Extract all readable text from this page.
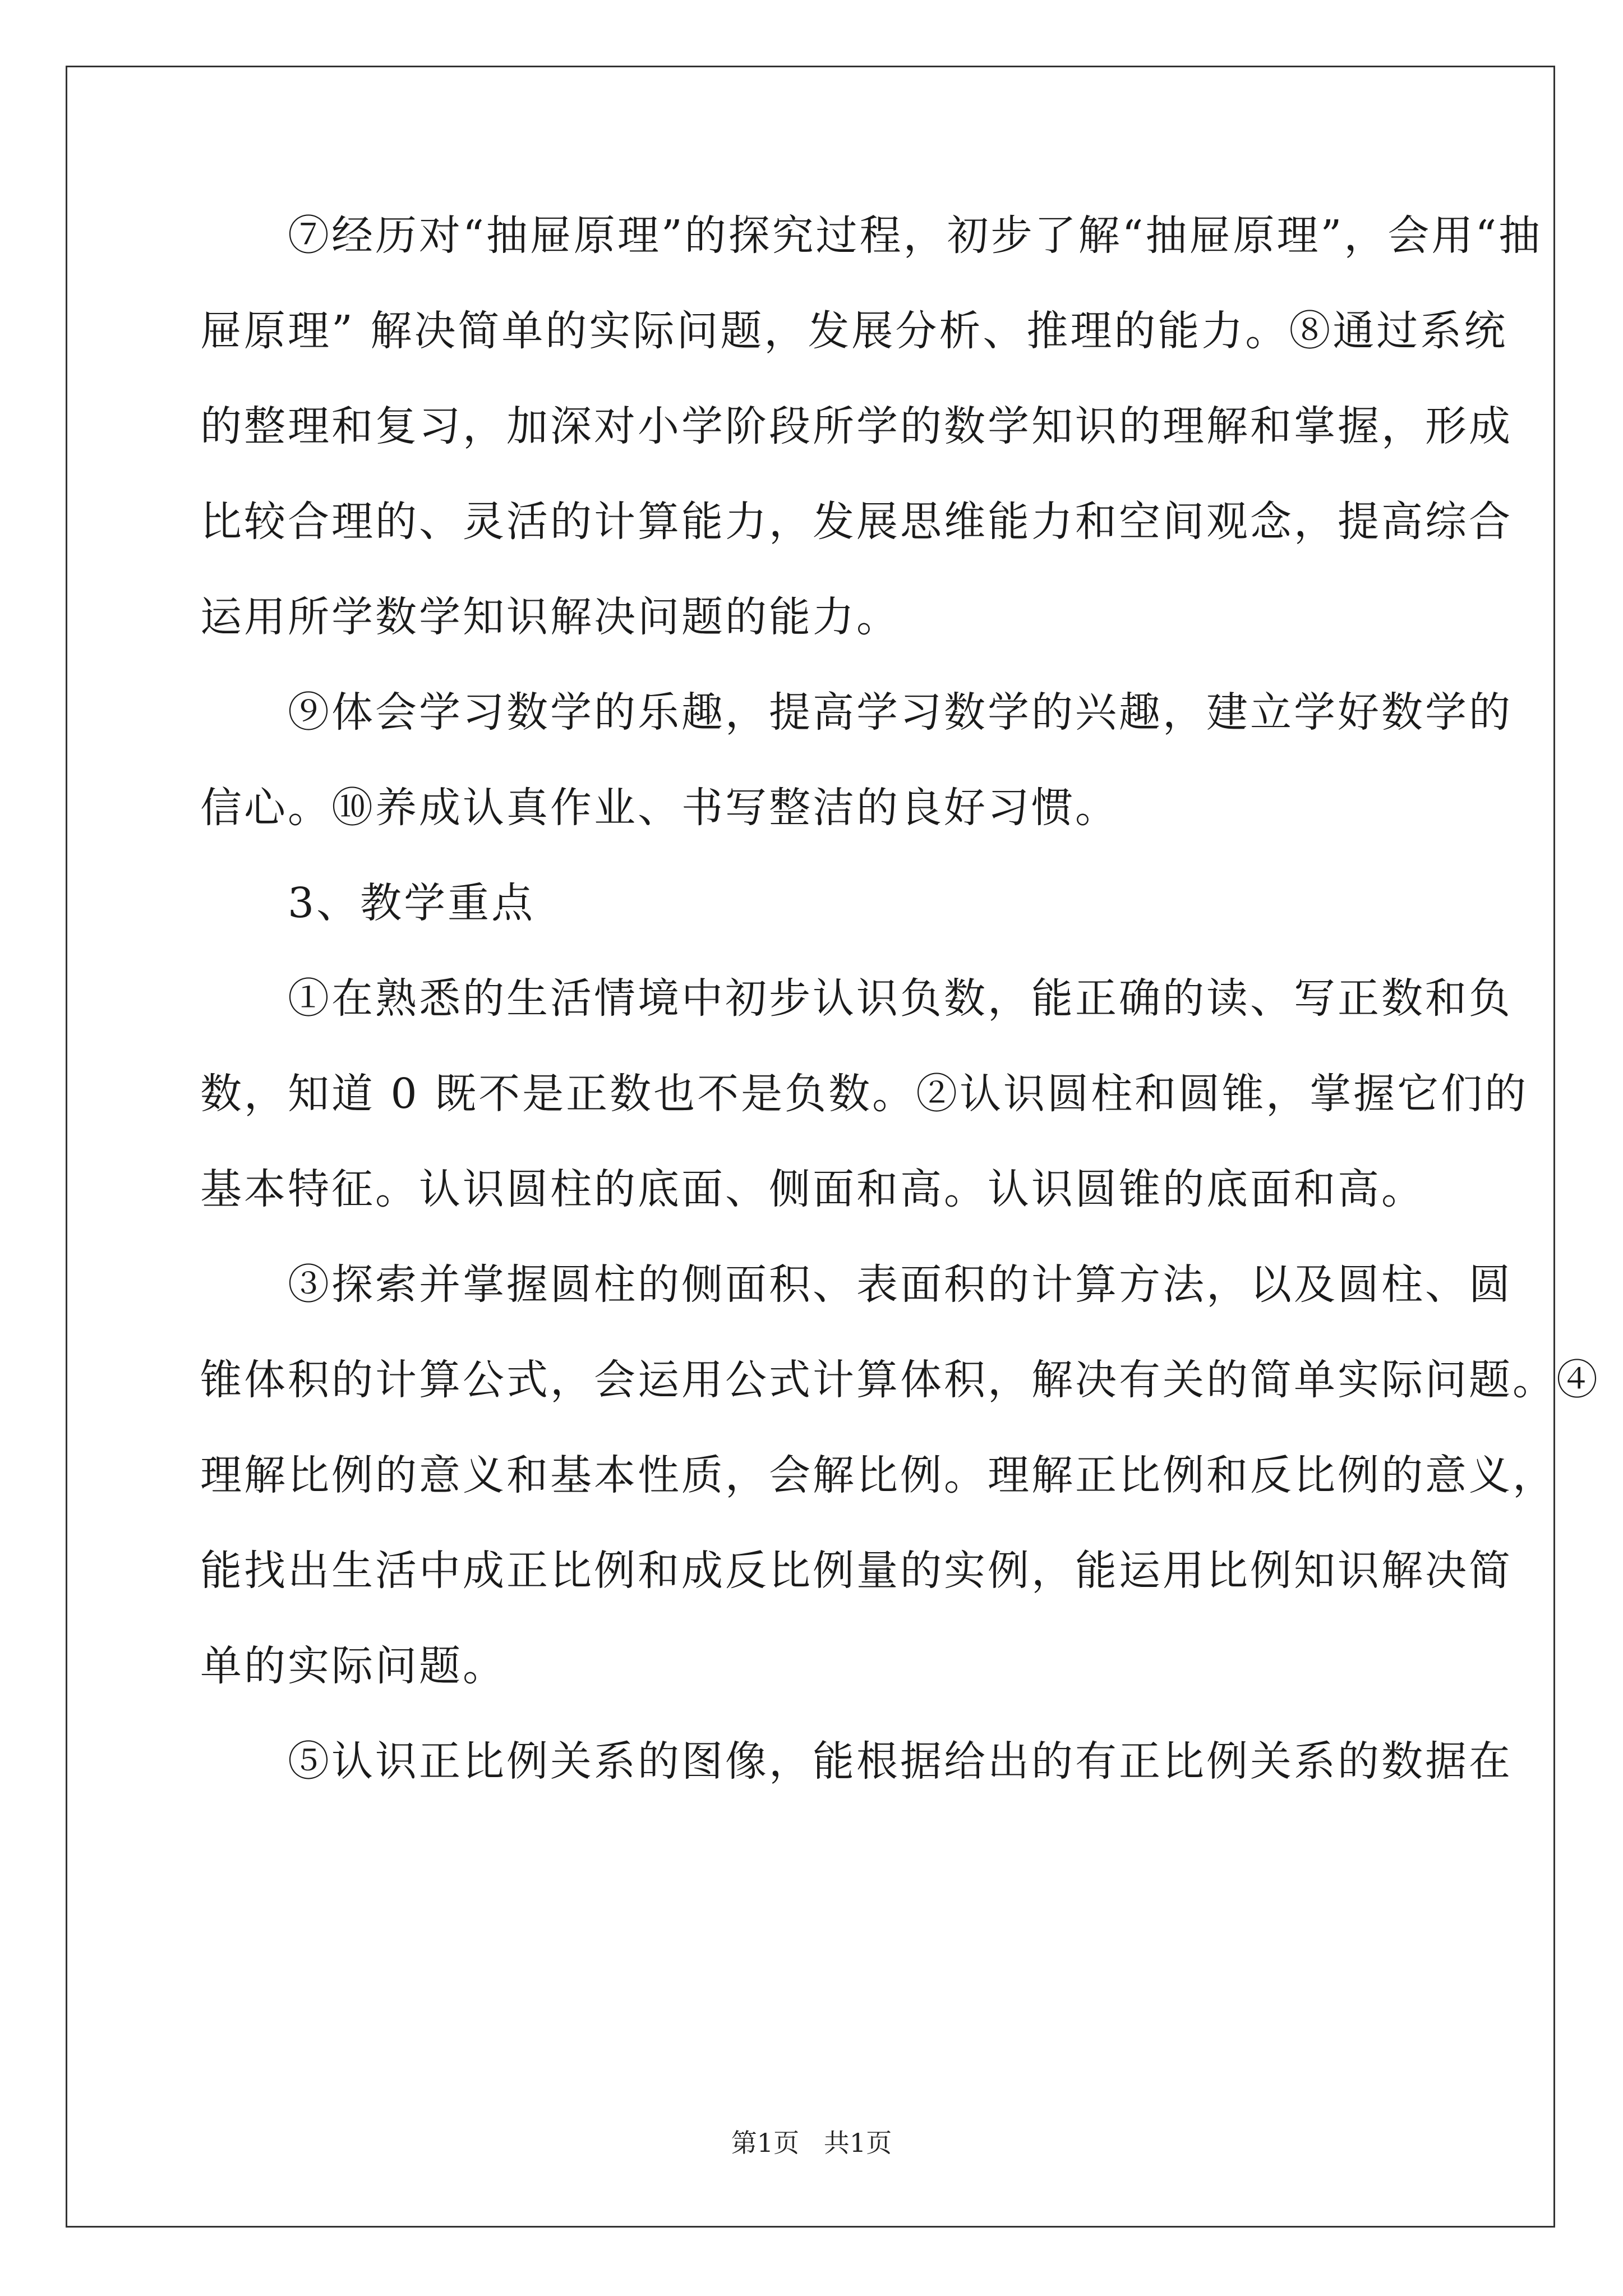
　　⑦经历对“抽屉原理”的探究过程，初步了解“抽屉原理”，会用“抽
屉原理” 解决简单的实际问题，发展分析、推理的能力。⑧通过系统
的整理和复习，加深对小学阶段所学的数学知识的理解和掌握，形成
比较合理的、灵活的计算能力，发展思维能力和空间观念，提高综合
运用所学数学知识解决问题的能力。
　　⑨体会学习数学的乐趣，提高学习数学的兴趣，建立学好数学的
信心。⑩养成认真作业、书写整洁的良好习惯。
　　3、教学重点
　　①在熟悉的生活情境中初步认识负数，能正确的读、写正数和负
数，知道 0 既不是正数也不是负数。②认识圆柱和圆锥，掌握它们的
基本特征。认识圆柱的底面、侧面和高。认识圆锥的底面和高。
　　③探索并掌握圆柱的侧面积、表面积的计算方法，以及圆柱、圆
锥体积的计算公式，会运用公式计算体积，解决有关的简单实际问题。④
理解比例的意义和基本性质，会解比例。理解正比例和反比例的意义，
能找出生活中成正比例和成反比例量的实例，能运用比例知识解决简
单的实际问题。
　　⑤认识正比例关系的图像，能根据给出的有正比例关系的数据在
第1页   共1页
